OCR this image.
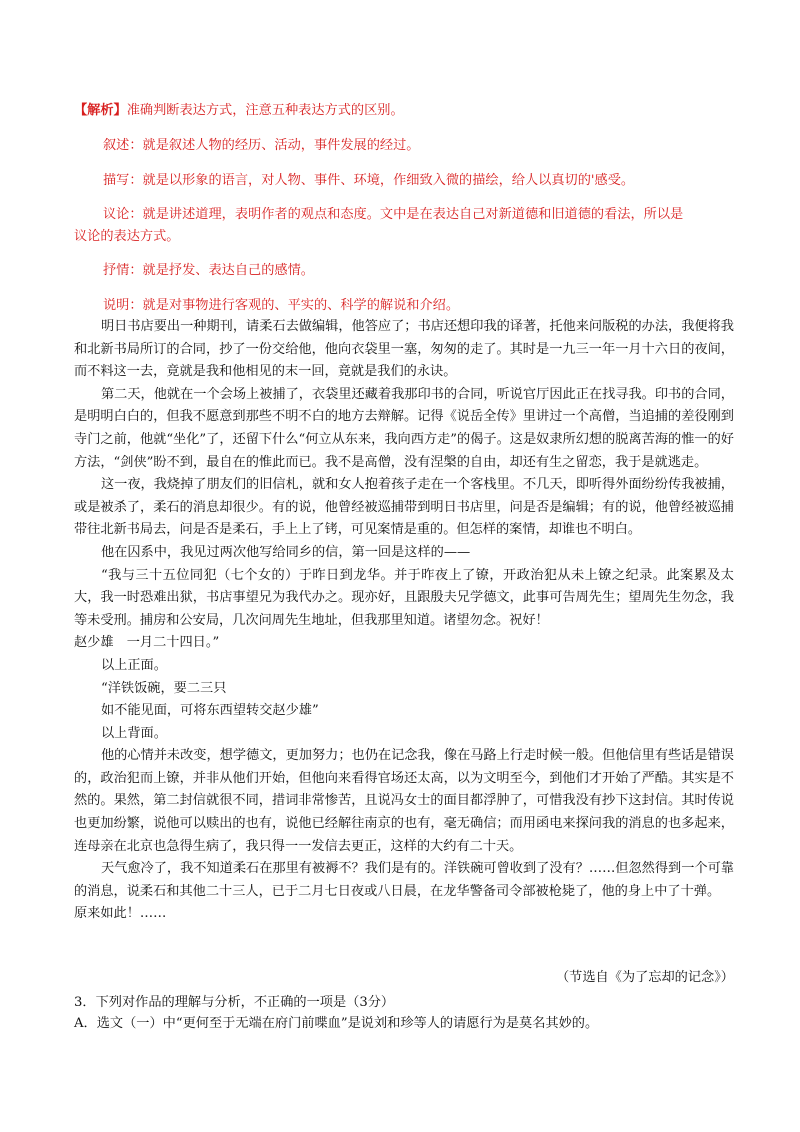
【解析】准确判断表达方式，注意五种表达方式的区别。
叙述：就是叙述人物的经历、活动，事件发展的经过。
描写：就是以形象的语言，对人物、事件、环境，作细致入微的描绘，给人以真切的'感受。
议论：就是讲述道理，表明作者的观点和态度。文中是在表达自己对新道德和旧道德的看法，所以是
议论的表达方式。
抒情：就是抒发、表达自己的感情。
说明：就是对事物进行客观的、平实的、科学的解说和介绍。

明日书店要出一种期刊，请柔石去做编辑，他答应了；书店还想印我的译著，托他来问版税的办法，我便将我和北新书局所订的合同，抄了一份交给他，他向衣袋里一塞，匆匆的走了。其时是一九三一年一月十六日的夜间，而不料这一去，竟就是我和他相见的末一回，竟就是我们的永诀。

第二天，他就在一个会场上被捕了，衣袋里还藏着我那印书的合同，听说官厅因此正在找寻我。印书的合同，是明明白白的，但我不愿意到那些不明不白的地方去辩解。记得《说岳全传》里讲过一个高僧，当追捕的差役刚到寺门之前，他就“坐化”了，还留下什么“何立从东来，我向西方走”的偈子。这是奴隶所幻想的脱离苦海的惟一的好方法，“剑侠”盼不到，最自在的惟此而已。我不是高僧，没有涅槃的自由，却还有生之留恋，我于是就逃走。

这一夜，我烧掉了朋友们的旧信札，就和女人抱着孩子走在一个客栈里。不几天，即听得外面纷纷传我被捕，或是被杀了，柔石的消息却很少。有的说，他曾经被巡捕带到明日书店里，问是否是编辑；有的说，他曾经被巡捕带往北新书局去，问是否是柔石，手上上了铐，可见案情是重的。但怎样的案情，却谁也不明白。

他在囚系中，我见过两次他写给同乡的信，第一回是这样的——

“我与三十五位同犯（七个女的）于昨日到龙华。并于昨夜上了镣，开政治犯从未上镣之纪录。此案累及太大，我一时恐难出狱，书店事望兄为我代办之。现亦好，且跟殷夫兄学德文，此事可告周先生；望周先生勿念，我等未受刑。捕房和公安局，几次问周先生地址，但我那里知道。诸望勿念。祝好！

赵少雄　一月二十四日。”

以上正面。

“洋铁饭碗，要二三只

如不能见面，可将东西望转交赵少雄”

以上背面。

他的心情并未改变，想学德文，更加努力；也仍在记念我，像在马路上行走时候一般。但他信里有些话是错误的，政治犯而上镣，并非从他们开始，但他向来看得官场还太高，以为文明至今，到他们才开始了严酷。其实是不然的。果然，第二封信就很不同，措词非常惨苦，且说冯女士的面目都浮肿了，可惜我没有抄下这封信。其时传说也更加纷繁，说他可以赎出的也有，说他已经解往南京的也有，毫无确信；而用函电来探问我的消息的也多起来，连母亲在北京也急得生病了，我只得一一发信去更正，这样的大约有二十天。

天气愈冷了，我不知道柔石在那里有被褥不？我们是有的。洋铁碗可曾收到了没有？……但忽然得到一个可靠的消息，说柔石和其他二十三人，已于二月七日夜或八日晨，在龙华警备司令部被枪毙了，他的身上中了十弹。

原来如此！……

（节选自《为了忘却的记念》）
3．下列对作品的理解与分析，不正确的一项是（3分）
A．选文（一）中“更何至于无端在府门前喋血”是说刘和珍等人的请愿行为是莫名其妙的。
